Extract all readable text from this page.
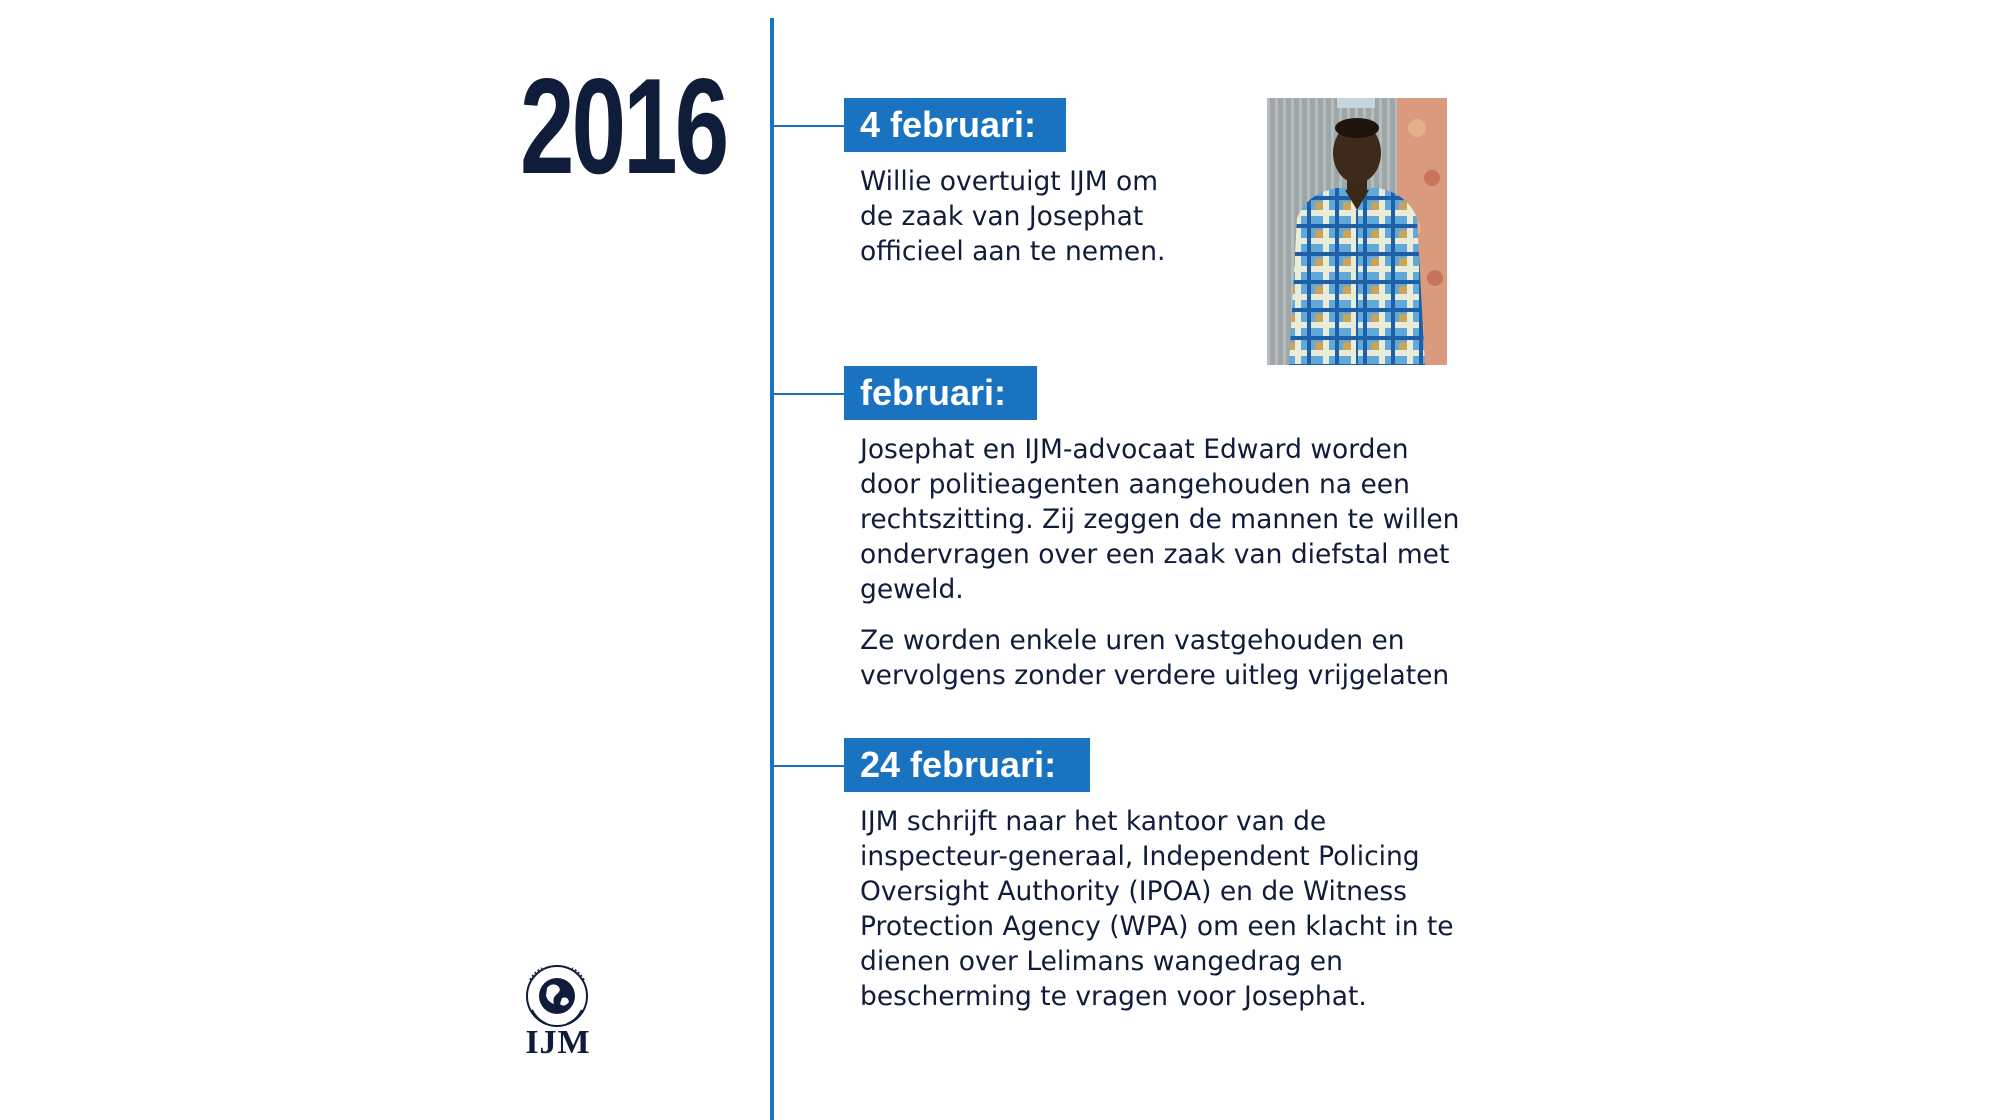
2016	4 februari:

Willie overtuigt IJM om de zaak van Josephat officieel aan te nemen.

februari:

Josephat en IJM-advocaat Edward worden door politieagenten aangehouden na een rechtszitting. Zij zeggen de mannen te willen ondervragen over een zaak van diefstal met geweld.

Ze worden enkele uren vastgehouden en vervolgens zonder verdere uitleg vrijgelaten

24 februari:

IJM schrijft naar het kantoor van de inspecteur-generaal, Independent Policing Oversight Authority (IPOA) en de Witness Protection Agency (WPA) om een klacht in te dienen over Lelimans wangedrag en bescherming te vragen voor Josephat.

IJM
